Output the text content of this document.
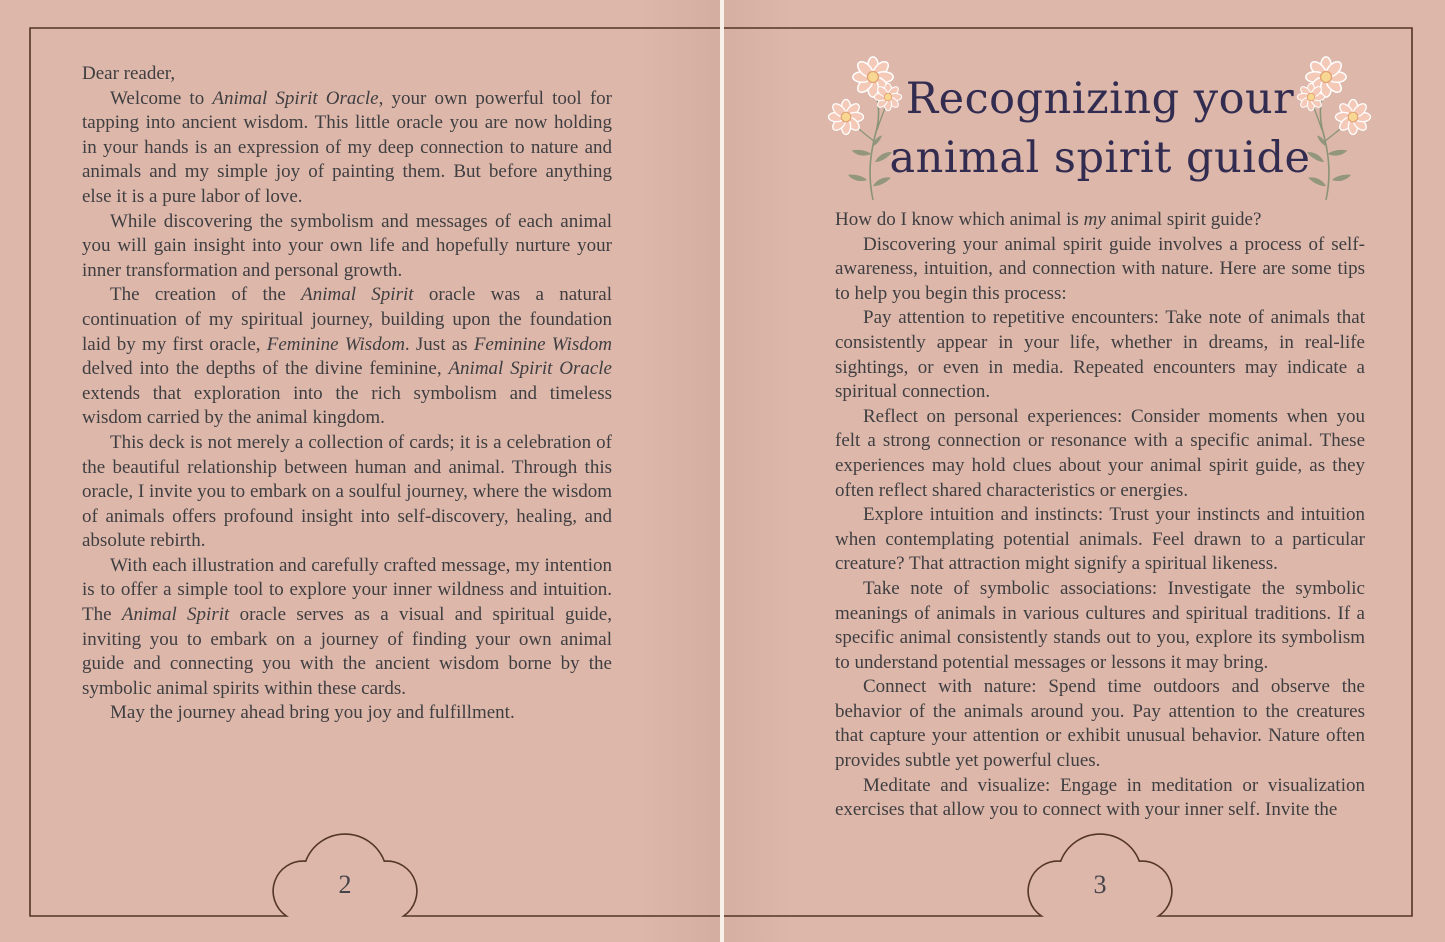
Dear reader,

Welcome to Animal Spirit Oracle, your own powerful tool for tapping into ancient wisdom. This little oracle you are now holding in your hands is an expression of my deep connection to nature and animals and my simple joy of painting them. But before anything else it is a pure labor of love.

While discovering the symbolism and messages of each animal you will gain insight into your own life and hopefully nurture your inner transformation and personal growth.

The creation of the Animal Spirit oracle was a natural continuation of my spiritual journey, building upon the foundation laid by my first oracle, Feminine Wisdom. Just as Feminine Wisdom delved into the depths of the divine feminine, Animal Spirit Oracle extends that exploration into the rich symbolism and timeless wisdom carried by the animal kingdom.

This deck is not merely a collection of cards; it is a celebration of the beautiful relationship between human and animal. Through this oracle, I invite you to embark on a soulful journey, where the wisdom of animals offers profound insight into self-discovery, healing, and absolute rebirth.

With each illustration and carefully crafted message, my intention is to offer a simple tool to explore your inner wildness and intuition. The Animal Spirit oracle serves as a visual and spiritual guide, inviting you to embark on a journey of finding your own animal guide and connecting you with the ancient wisdom borne by the symbolic animal spirits within these cards.

May the journey ahead bring you joy and fulfillment.

Recognizing your
animal spirit guide

How do I know which animal is my animal spirit guide?

Discovering your animal spirit guide involves a process of self-awareness, intuition, and connection with nature. Here are some tips to help you begin this process:

Pay attention to repetitive encounters: Take note of animals that consistently appear in your life, whether in dreams, in real-life sightings, or even in media. Repeated encounters may indicate a spiritual connection.

Reflect on personal experiences: Consider moments when you felt a strong connection or resonance with a specific animal. These experiences may hold clues about your animal spirit guide, as they often reflect shared characteristics or energies.

Explore intuition and instincts: Trust your instincts and intuition when contemplating potential animals. Feel drawn to a particular creature? That attraction might signify a spiritual likeness.

Take note of symbolic associations: Investigate the symbolic meanings of animals in various cultures and spiritual traditions. If a specific animal consistently stands out to you, explore its symbolism to understand potential messages or lessons it may bring.

Connect with nature: Spend time outdoors and observe the behavior of the animals around you. Pay attention to the creatures that capture your attention or exhibit unusual behavior. Nature often provides subtle yet powerful clues.

Meditate and visualize: Engage in meditation or visualization exercises that allow you to connect with your inner self. Invite the

2	3
